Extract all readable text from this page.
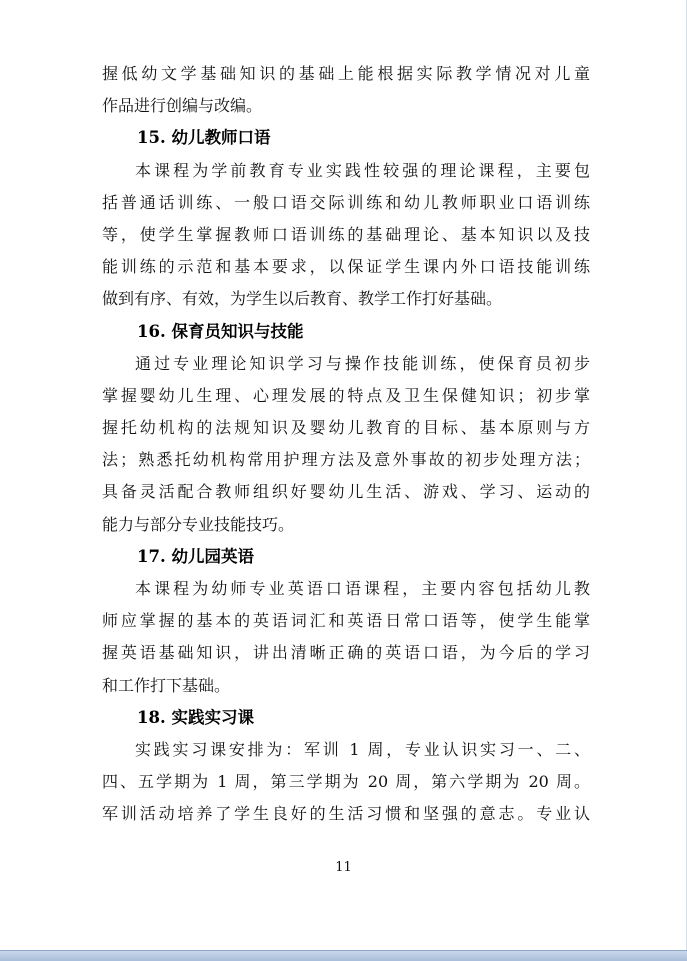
握低幼文学基础知识的基础上能根据实际教学情况对儿童
作品进行创编与改编。
15. 幼儿教师口语
本课程为学前教育专业实践性较强的理论课程，主要包
括普通话训练、一般口语交际训练和幼儿教师职业口语训练
等，使学生掌握教师口语训练的基础理论、基本知识以及技
能训练的示范和基本要求，以保证学生课内外口语技能训练
做到有序、有效，为学生以后教育、教学工作打好基础。
16. 保育员知识与技能
通过专业理论知识学习与操作技能训练，使保育员初步
掌握婴幼儿生理、心理发展的特点及卫生保健知识；初步掌
握托幼机构的法规知识及婴幼儿教育的目标、基本原则与方
法；熟悉托幼机构常用护理方法及意外事故的初步处理方法；
具备灵活配合教师组织好婴幼儿生活、游戏、学习、运动的
能力与部分专业技能技巧。
17. 幼儿园英语
本课程为幼师专业英语口语课程，主要内容包括幼儿教
师应掌握的基本的英语词汇和英语日常口语等，使学生能掌
握英语基础知识，讲出清晰正确的英语口语，为今后的学习
和工作打下基础。
18. 实践实习课
实践实习课安排为：军训 1 周，专业认识实习一、二、
四、五学期为 1 周，第三学期为 20 周，第六学期为 20 周。
军训活动培养了学生良好的生活习惯和坚强的意志。专业认
11
